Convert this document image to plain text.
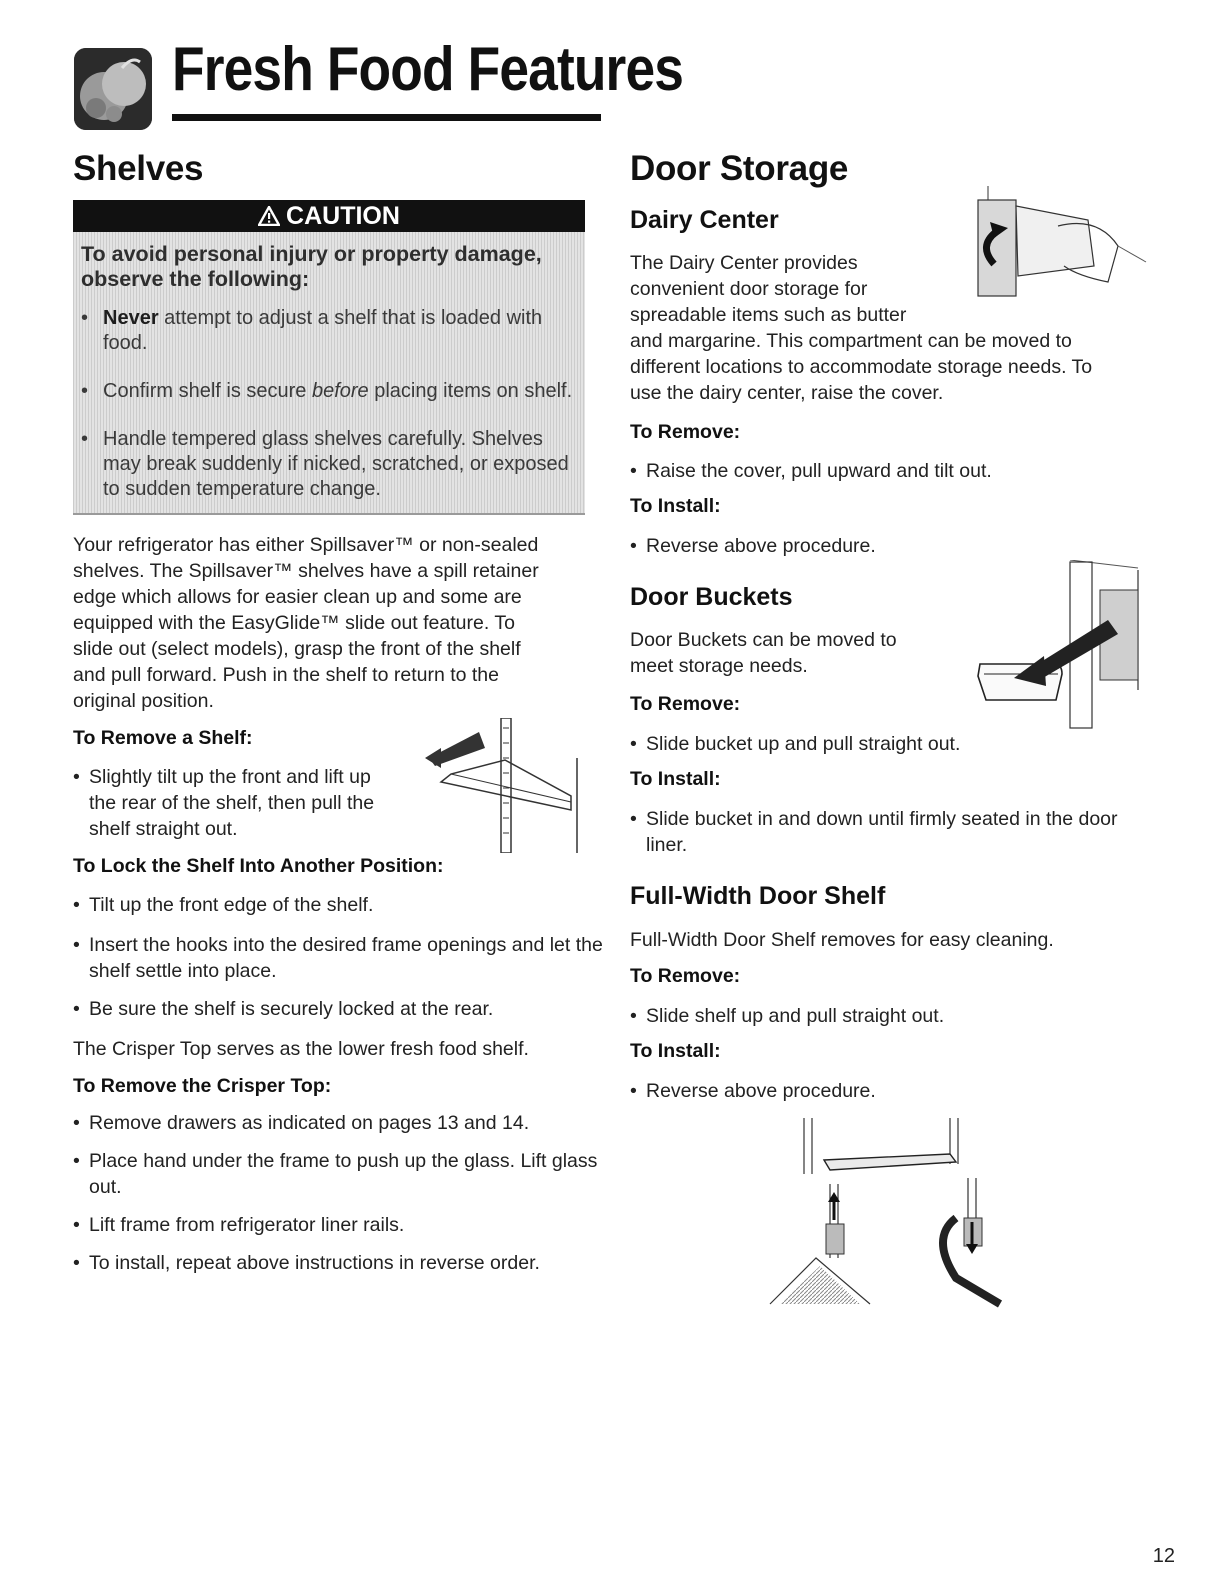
Fresh Food Features
Shelves
CAUTION
To avoid personal injury or property damage, observe the following:
• Never attempt to adjust a shelf that is loaded with food.
• Confirm shelf is secure before placing items on shelf.
• Handle tempered glass shelves carefully. Shelves may break suddenly if nicked, scratched, or exposed to sudden temperature change.
Your refrigerator has either Spillsaver™ or non-sealed
shelves. The Spillsaver™ shelves have a spill retainer
edge which allows for easier clean up and some are
equipped with the EasyGlide™ slide out feature. To
slide out (select models), grasp the front of the shelf
and pull forward. Push in the shelf to return to the
original position.
To Remove a Shelf:
• Slightly tilt up the front and lift up
the rear of the shelf, then pull the
shelf straight out.
To Lock the Shelf Into Another Position:
• Tilt up the front edge of the shelf.
• Insert the hooks into the desired frame openings and let the shelf settle into place.
• Be sure the shelf is securely locked at the rear.
The Crisper Top serves as the lower fresh food shelf.
To Remove the Crisper Top:
• Remove drawers as indicated on pages 13 and 14.
• Place hand under the frame to push up the glass. Lift glass out.
• Lift frame from refrigerator liner rails.
• To install, repeat above instructions in reverse order.
Door Storage
Dairy Center
The Dairy Center provides
convenient door storage for
spreadable items such as butter
and margarine. This compartment can be moved to
different locations to accommodate storage needs. To
use the dairy center, raise the cover.
To Remove:
• Raise the cover, pull upward and tilt out.
To Install:
• Reverse above procedure.
Door Buckets
Door Buckets can be moved to
meet storage needs.
To Remove:
• Slide bucket up and pull straight out.
To Install:
• Slide bucket in and down until firmly seated in the door liner.
Full-Width Door Shelf
Full-Width Door Shelf removes for easy cleaning.
To Remove:
• Slide shelf up and pull straight out.
To Install:
• Reverse above procedure.
12
